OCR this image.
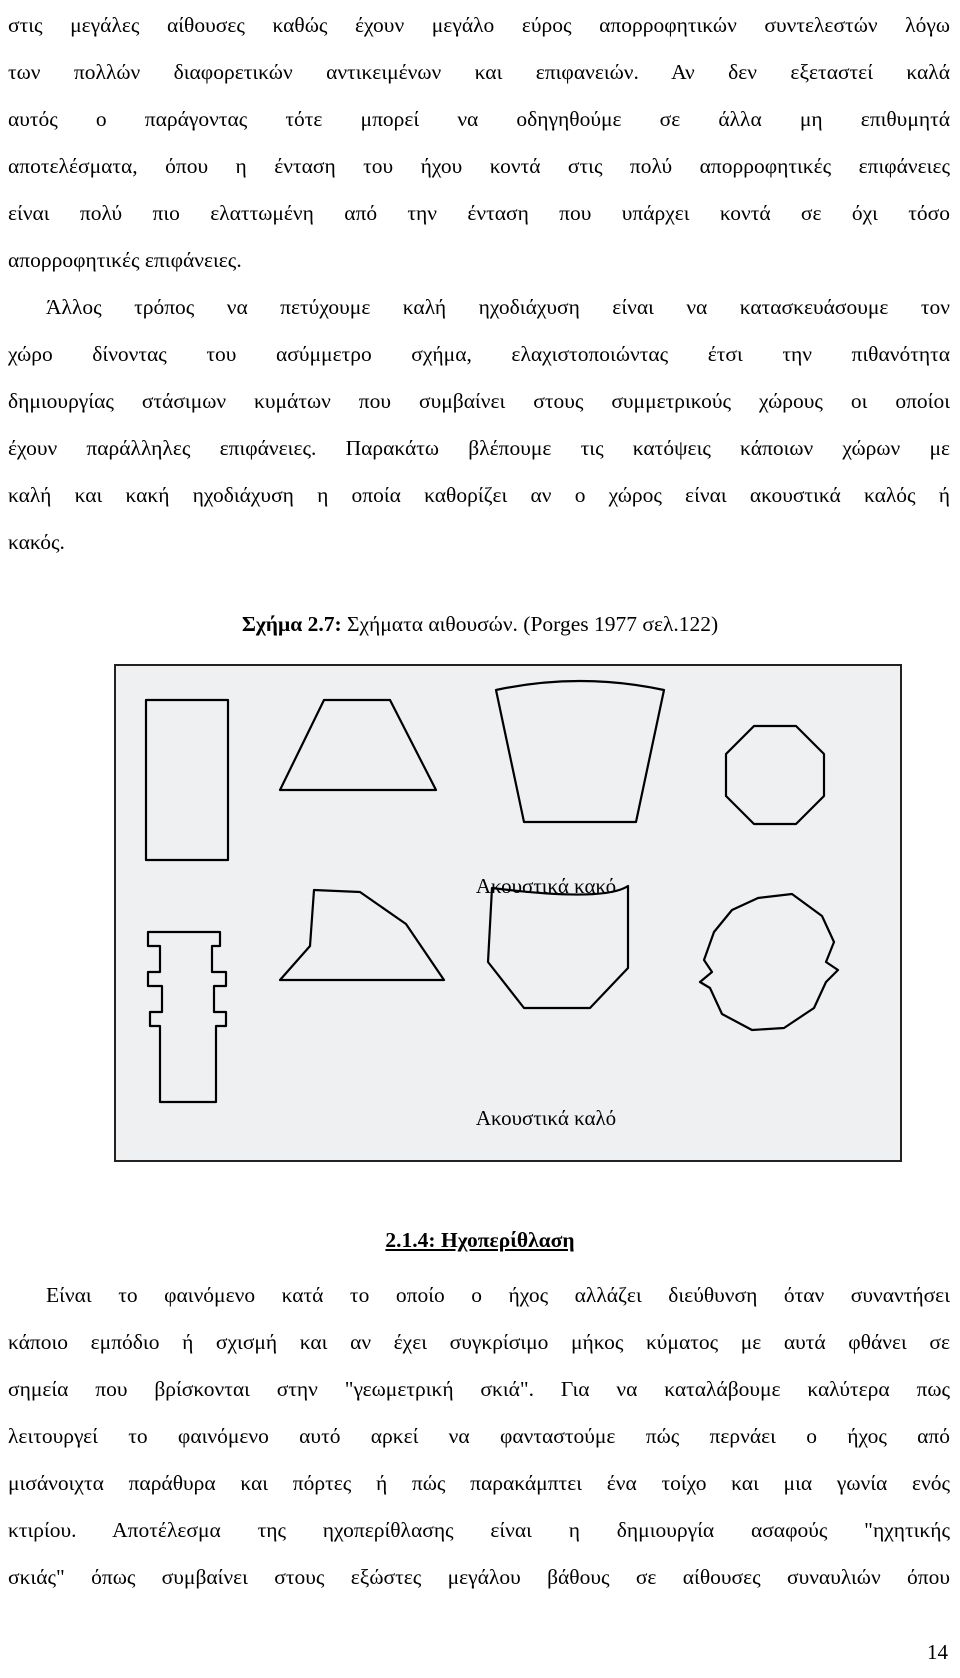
στις μεγάλες αίθουσες καθώς έχουν μεγάλο εύρος απορροφητικών συντελεστών λόγω
των πολλών διαφορετικών αντικειμένων και επιφανειών. Αν δεν εξεταστεί καλά
αυτός ο παράγοντας τότε μπορεί να οδηγηθούμε σε άλλα μη επιθυμητά
αποτελέσματα, όπου η ένταση του ήχου κοντά στις πολύ απορροφητικές επιφάνειες
είναι πολύ πιο ελαττωμένη από την ένταση που υπάρχει κοντά σε όχι τόσο
απορροφητικές επιφάνειες.
Άλλος τρόπος να πετύχουμε καλή ηχοδιάχυση είναι να κατασκευάσουμε τον
χώρο δίνοντας του ασύμμετρο σχήμα, ελαχιστοποιώντας έτσι την πιθανότητα
δημιουργίας στάσιμων κυμάτων που συμβαίνει στους συμμετρικούς χώρους οι οποίοι
έχουν παράλληλες επιφάνειες. Παρακάτω βλέπουμε τις κατόψεις κάποιων χώρων με
καλή και κακή ηχοδιάχυση η οποία καθορίζει αν ο χώρος είναι ακουστικά καλός ή
κακός.
Σχήμα 2.7: Σχήματα αιθουσών. (Porges 1977 σελ.122)
Ακουστικά κακό
Ακουστικά καλό
2.1.4: Ηχοπερίθλαση
Είναι το φαινόμενο κατά το οποίο ο ήχος αλλάζει διεύθυνση όταν συναντήσει
κάποιο εμπόδιο ή σχισμή και αν έχει συγκρίσιμο μήκος κύματος με αυτά φθάνει σε
σημεία που βρίσκονται στην "γεωμετρική σκιά". Για να καταλάβουμε καλύτερα πως
λειτουργεί το φαινόμενο αυτό αρκεί να φανταστούμε πώς περνάει ο ήχος από
μισάνοιχτα παράθυρα και πόρτες ή πώς παρακάμπτει ένα τοίχο και μια γωνία ενός
κτιρίου. Αποτέλεσμα της ηχοπερίθλασης είναι η δημιουργία ασαφούς "ηχητικής
σκιάς" όπως συμβαίνει στους εξώστες μεγάλου βάθους σε αίθουσες συναυλιών όπου
14
